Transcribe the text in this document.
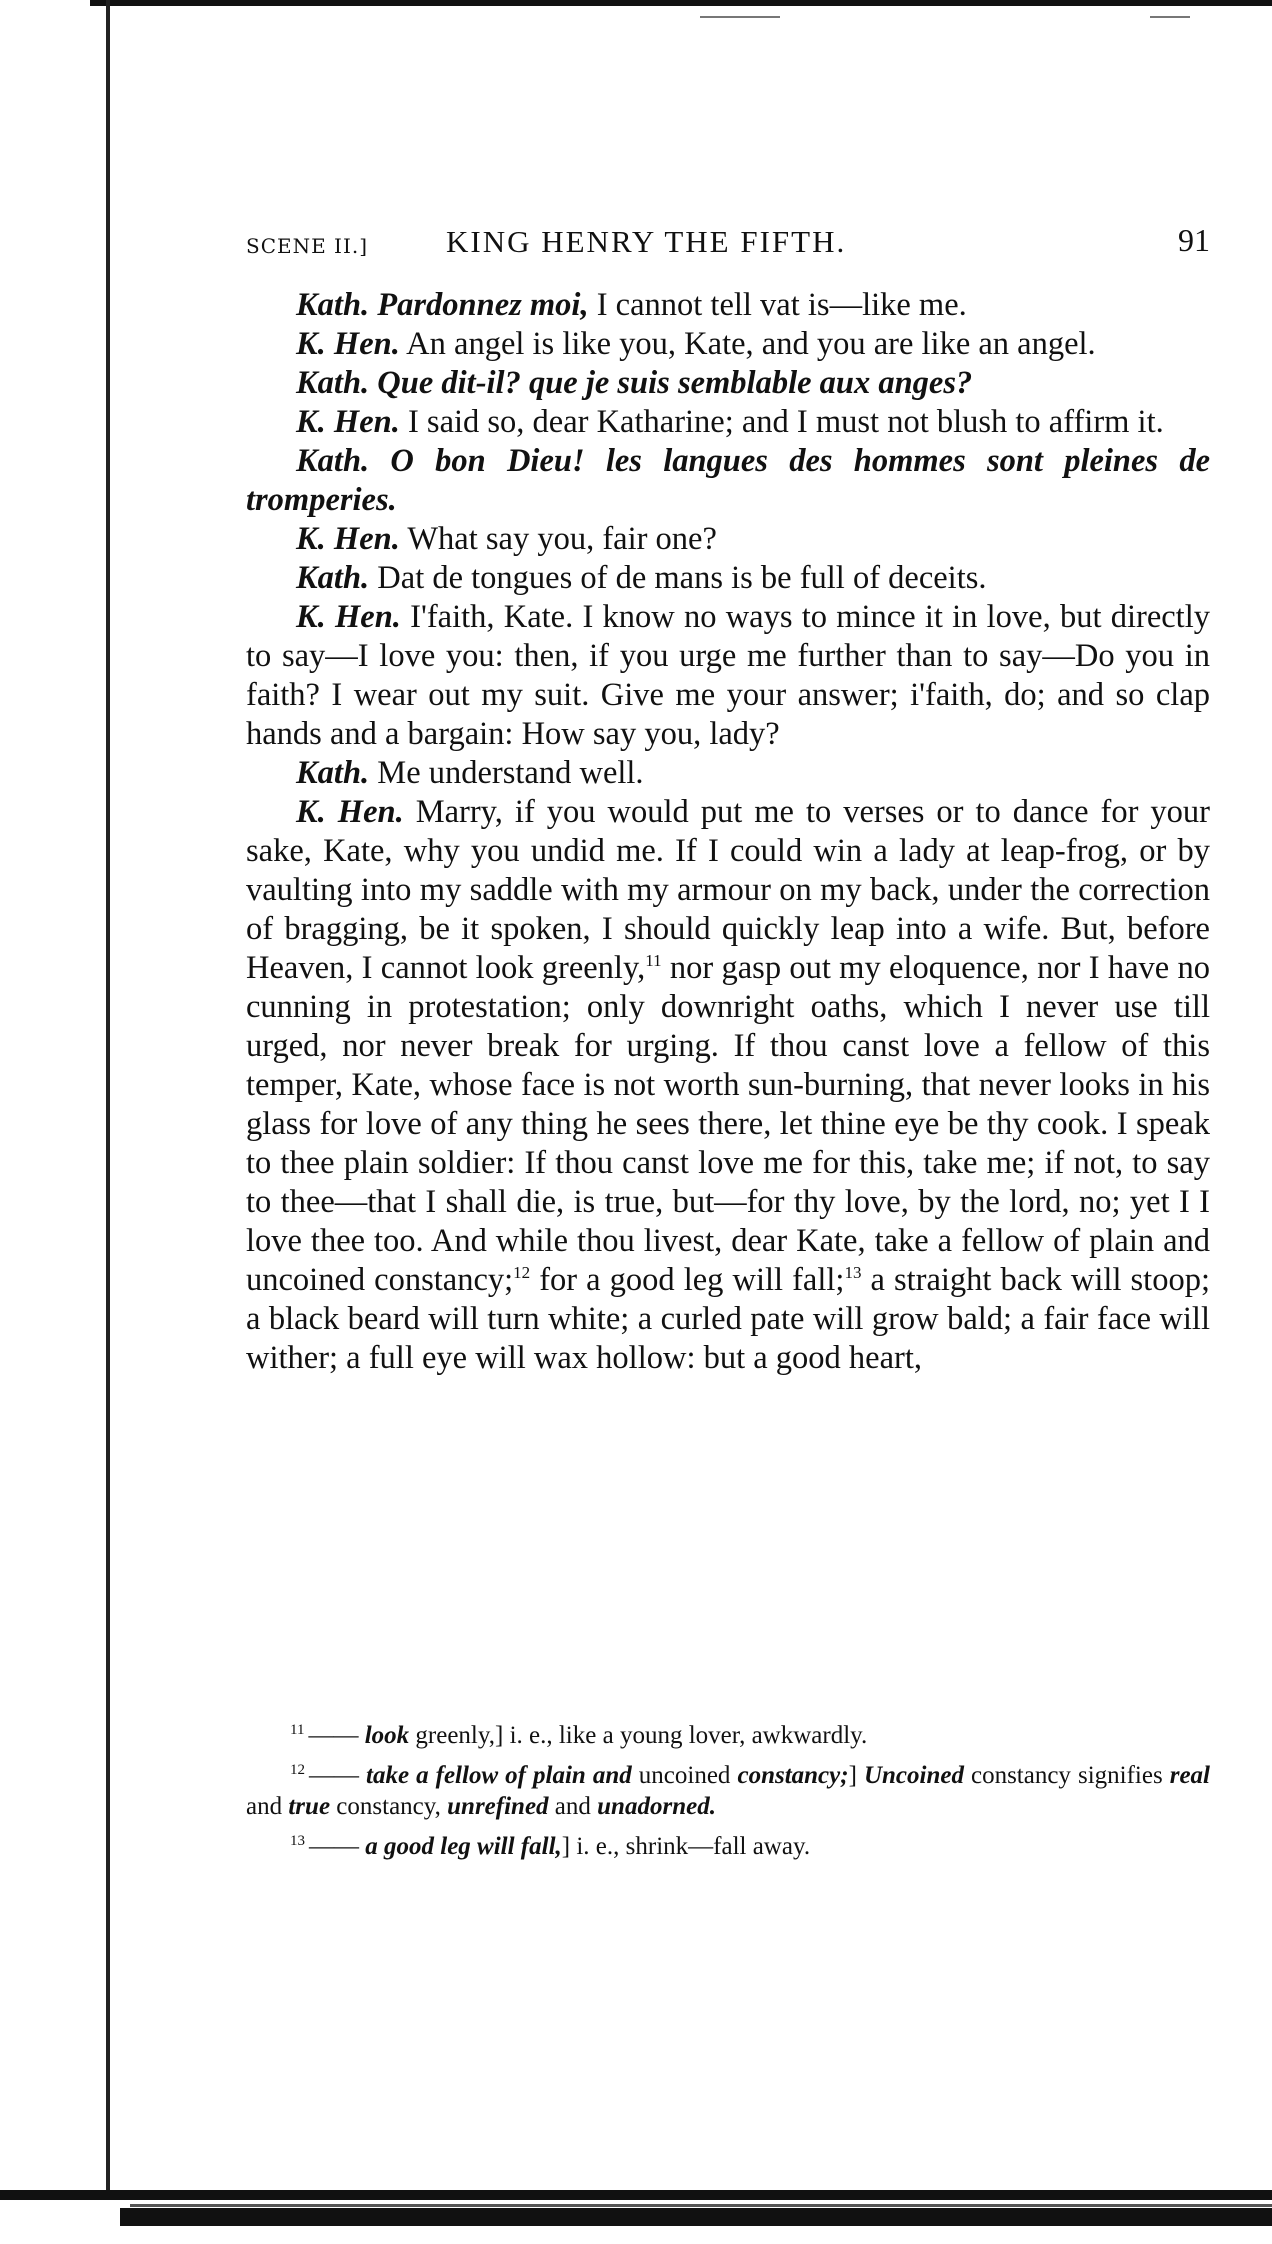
SCENE II.]	KING HENRY THE FIFTH.	91

Kath. Pardonnez moi, I cannot tell vat is—like me.

K. Hen. An angel is like you, Kate, and you are like an angel.

Kath. Que dit-il? que je suis semblable aux anges?

K. Hen. I said so, dear Katharine; and I must not blush to affirm it.

Kath. O bon Dieu! les langues des hommes sont pleines de tromperies.

K. Hen. What say you, fair one?

Kath. Dat de tongues of de mans is be full of deceits.

K. Hen. I'faith, Kate. I know no ways to mince it in love, but directly to say—I love you: then, if you urge me further than to say—Do you in faith? I wear out my suit. Give me your answer; i'faith, do; and so clap hands and a bargain: How say you, lady?

Kath. Me understand well.

K. Hen. Marry, if you would put me to verses or to dance for your sake, Kate, why you undid me. If I could win a lady at leap-frog, or by vaulting into my saddle with my armour on my back, under the correction of bragging, be it spoken, I should quickly leap into a wife. But, before Heaven, I cannot look greenly,$^{11}$ nor gasp out my eloquence, nor I have no cunning in protestation; only downright oaths, which I never use till urged, nor never break for urging. If thou canst love a fellow of this temper, Kate, whose face is not worth sun-burning, that never looks in his glass for love of any thing he sees there, let thine eye be thy cook. I speak to thee plain soldier: If thou canst love me for this, take me; if not, to say to thee—that I shall die, is true, but—for thy love, by the lord, no; yet I I love thee too. And while thou livest, dear Kate, take a fellow of plain and uncoined constancy;$^{12}$ for a good leg will fall;$^{13}$ a straight back will stoop; a black beard will turn white; a curled pate will grow bald; a fair face will wither; a full eye will wax hollow: but a good heart,

$^{11}$ —— look greenly,] i. e., like a young lover, awkwardly.

$^{12}$ —— take a fellow of plain and uncoined constancy;] Uncoined constancy signifies real and true constancy, unrefined and unadorned.

$^{13}$ —— a good leg will fall,] i. e., shrink—fall away.
